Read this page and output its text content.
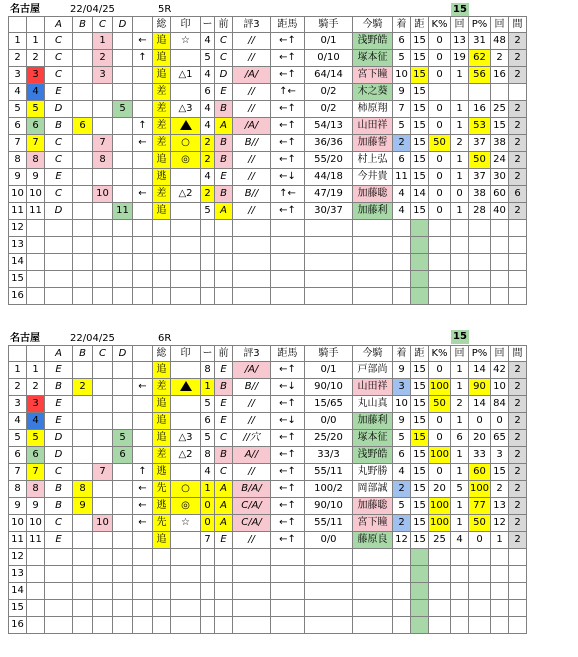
名古屋	22/04/25	5R	15
		A	B	C	D		総	印	ー	前	評3	距馬	騎手	今騎	着	距	K%	回	P%	回	間
1	1	C		1		←	追	☆	4	C	//	←↑	0/1	浅野皓	6	15	0	13	31	48	2
2	2	C		2		↑	追		5	C	//	←↑	0/10	塚本征	5	15	0	19	62	2	2
3	3	C		3			追	△1	4	D	/A/	←↑	64/14	宮下瞳	10	15	0	1	56	16	2
4	4	E					差		6	E	//	↑←	0/2	木之葵	9	15					
5	5	D			5		差	△3	4	B	//	←↑	0/2	柿原翔	7	15	0	1	16	25	2
6	6	B	6			↑	差		4	A	/A/	←↑	54/13	山田祥	5	15	0	1	53	15	2
7	7	C		7		←	差	○	2	B	B//	←↑	36/36	加藤誓	2	15	50	2	37	38	2
8	8	C		8			追	◎	2	B	//	←↑	55/20	村上弘	6	15	0	1	50	24	2
9	9	E					逃		4	E	//	←↓	44/18	今井貴	11	15	0	1	37	30	2
10	10	C		10		←	差	△2	2	B	B//	↑←	47/19	加藤聡	4	14	0	0	38	60	6
11	11	D			11		追		5	A	//	←↑	30/37	加藤利	4	15	0	1	28	40	2
12																					
13																					
14																					
15																					
16																					
名古屋	22/04/25	6R	15
		A	B	C	D		総	印	ー	前	評3	距馬	騎手	今騎	着	距	K%	回	P%	回	間
1	1	E					追		8	E	/A/	←↑	0/1	戸部尚	9	15	0	1	14	42	2
2	2	B	2			←	差		1	B	B//	←↓	90/10	山田祥	3	15	100	1	90	10	2
3	3	E					追		5	E	//	←↑	15/65	丸山真	10	15	50	2	14	84	2
4	4	E					追		6	E	//	←↓	0/0	加藤利	9	15	0	1	0	0	2
5	5	D			5		追	△3	5	C	//穴	←↑	25/20	塚本征	5	15	0	6	20	65	2
6	6	D			6		差	△2	8	B	A//	←↑	33/3	浅野皓	6	15	100	1	33	3	2
7	7	C		7		↑	逃		4	C	//	←↑	55/11	丸野勝	4	15	0	1	60	15	2
8	8	B	8			←	先	○	1	A	B/A/	←↑	100/2	岡部誠	2	15	20	5	100	2	2
9	9	B	9			←	逃	◎	0	A	C/A/	←↑	90/10	加藤聡	5	15	100	1	77	13	2
10	10	C		10		←	先	☆	0	A	C/A/	←↑	55/11	宮下瞳	2	15	100	1	50	12	2
11	11	E					追		7	E	//	←↑	0/0	藤原良	12	15	25	4	0	1	2
12																					
13																					
14																					
15																					
16																					
